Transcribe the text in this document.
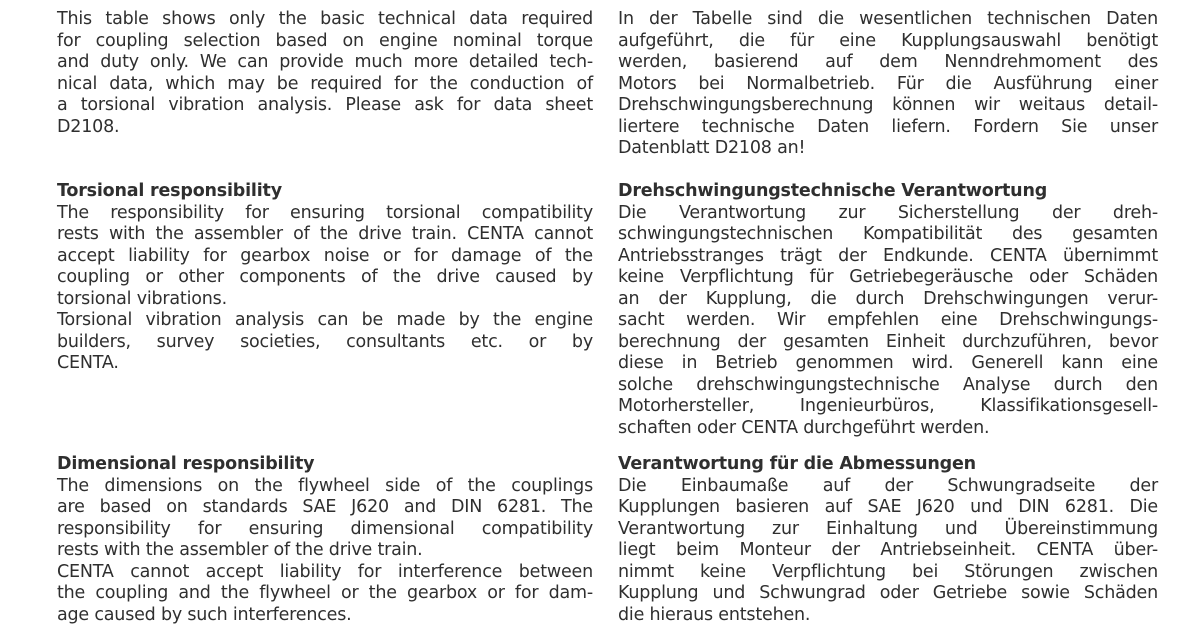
This table shows only the basic technical data required
for coupling selection based on engine nominal torque
and duty only. We can provide much more detailed tech-
nical data, which may be required for the conduction of
a torsional vibration analysis. Please ask for data sheet
D2108.
Torsional responsibility
The responsibility for ensuring torsional compatibility
rests with the assembler of the drive train. CENTA cannot
accept liability for gearbox noise or for damage of the
coupling or other components of the drive caused by
torsional vibrations.
Torsional vibration analysis can be made by the engine
builders, survey societies, consultants etc. or by
CENTA.
Dimensional responsibility
The dimensions on the flywheel side of the couplings
are based on standards SAE J620 and DIN 6281. The
responsibility for ensuring dimensional compatibility
rests with the assembler of the drive train.
CENTA cannot accept liability for interference between
the coupling and the flywheel or the gearbox or for dam-
age caused by such interferences.
In der Tabelle sind die wesentlichen technischen Daten
aufgeführt, die für eine Kupplungsauswahl benötigt
werden, basierend auf dem Nenndrehmoment des
Motors bei Normalbetrieb. Für die Ausführung einer
Drehschwingungsberechnung können wir weitaus detail-
liertere technische Daten liefern. Fordern Sie unser
Datenblatt D2108 an!
Drehschwingungstechnische Verantwortung
Die Verantwortung zur Sicherstellung der dreh-
schwingungstechnischen Kompatibilität des gesamten
Antriebsstranges trägt der Endkunde. CENTA übernimmt
keine Verpflichtung für Getriebegeräusche oder Schäden
an der Kupplung, die durch Drehschwingungen verur-
sacht werden. Wir empfehlen eine Drehschwingungs-
berechnung der gesamten Einheit durchzuführen, bevor
diese in Betrieb genommen wird. Generell kann eine
solche drehschwingungstechnische Analyse durch den
Motorhersteller, Ingenieurbüros, Klassifikationsgesell-
schaften oder CENTA durchgeführt werden.
Verantwortung für die Abmessungen
Die Einbaumaße auf der Schwungradseite der
Kupplungen basieren auf SAE J620 und DIN 6281. Die
Verantwortung zur Einhaltung und Übereinstimmung
liegt beim Monteur der Antriebseinheit. CENTA über-
nimmt keine Verpflichtung bei Störungen zwischen
Kupplung und Schwungrad oder Getriebe sowie Schäden
die hieraus entstehen.
